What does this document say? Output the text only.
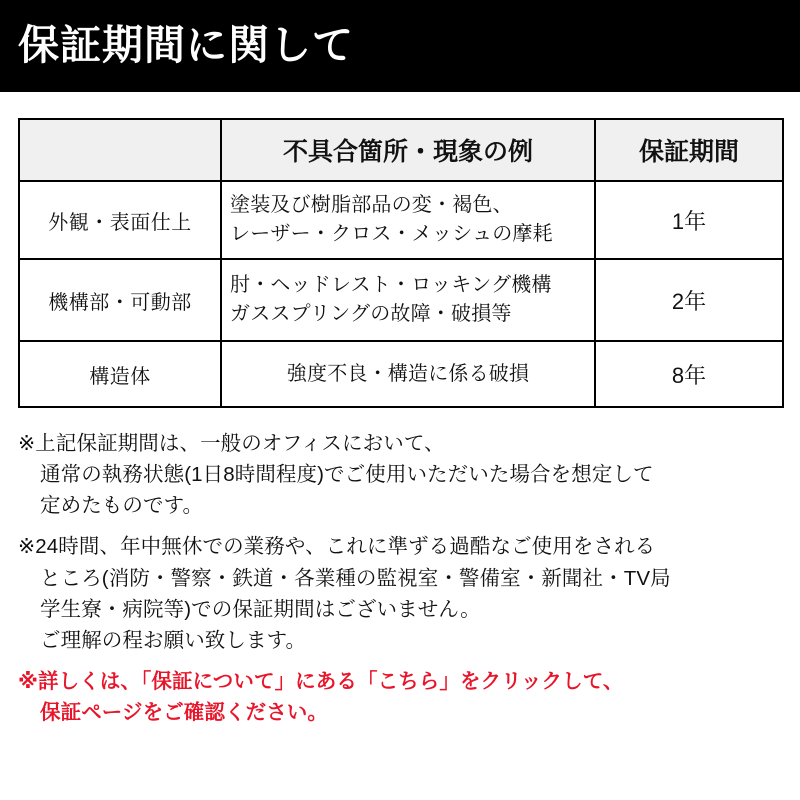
保証期間に関して
	不具合箇所・現象の例	保証期間
外観・表面仕上	塗装及び樹脂部品の変・褐色、
レーザー・クロス・メッシュの摩耗	1年
機構部・可動部	肘・ヘッドレスト・ロッキング機構
ガススプリングの故障・破損等	2年
構造体	強度不良・構造に係る破損	8年
※上記保証期間は、一般のオフィスにおいて、
通常の執務状態(1日8時間程度)でご使用いただいた場合を想定して
定めたものです。
※24時間、年中無休での業務や、これに準ずる過酷なご使用をされる
ところ(消防・警察・鉄道・各業種の監視室・警備室・新聞社・TV局
学生寮・病院等)での保証期間はございません。
ご理解の程お願い致します。
※詳しくは、「保証について」にある「こちら」をクリックして、
保証ページをご確認ください。
